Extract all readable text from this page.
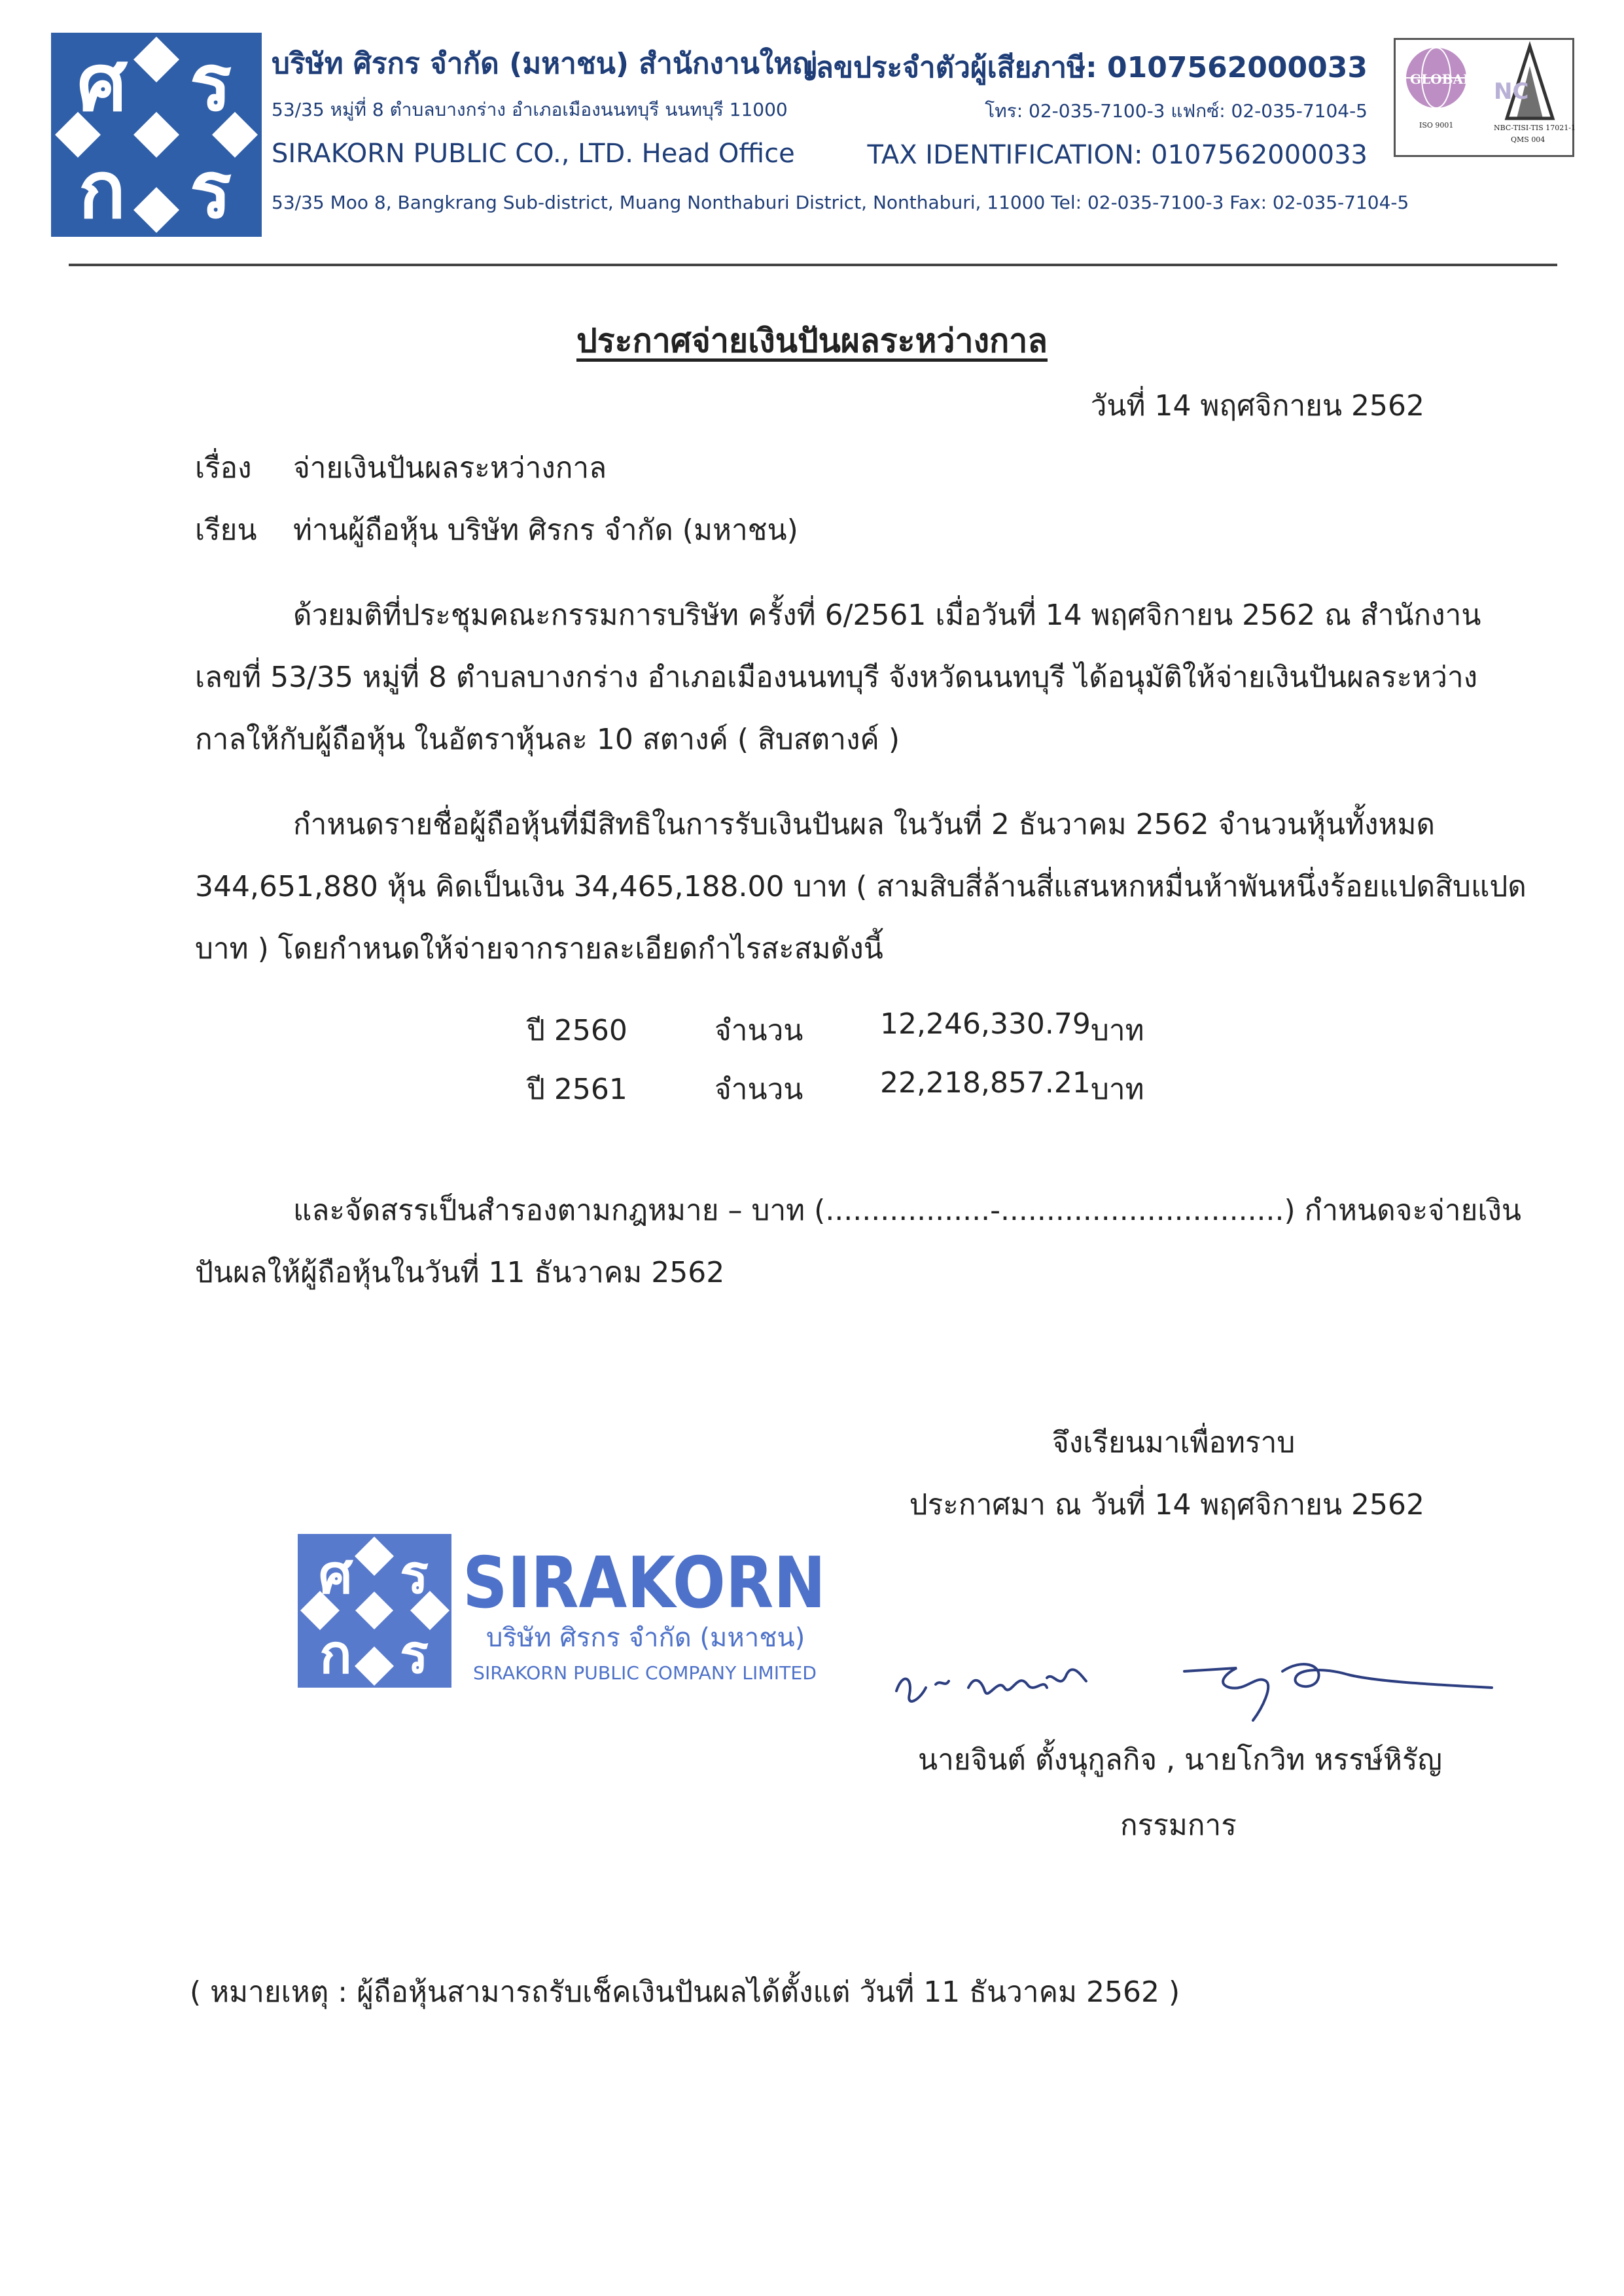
ศ ร
ก ร
บริษัท ศิรกร จำกัด (มหาชน) สำนักงานใหญ่
53/35 หมู่ที่ 8 ตำบลบางกร่าง อำเภอเมืองนนทบุรี นนทบุรี 11000
SIRAKORN PUBLIC CO., LTD. Head Office
53/35 Moo 8, Bangkrang Sub-district, Muang Nonthaburi District, Nonthaburi, 11000 Tel: 02-035-7100-3 Fax: 02-035-7104-5
เลขประจำตัวผู้เสียภาษี: 0107562000033
โทร: 02-035-7100-3 แฟกซ์: 02-035-7104-5
TAX IDENTIFICATION: 0107562000033
NC
GLOBAL
ISO 9001	NBC-TISI-TIS 17021-1
QMS 004
ประกาศจ่ายเงินปันผลระหว่างกาล
วันที่ 14 พฤศจิกายน 2562
เรื่อง จ่ายเงินปันผลระหว่างกาล
เรียน ท่านผู้ถือหุ้น บริษัท ศิรกร จำกัด (มหาชน)
ด้วยมติที่ประชุมคณะกรรมการบริษัท ครั้งที่ 6/2561 เมื่อวันที่ 14 พฤศจิกายน 2562 ณ สำนักงาน
เลขที่ 53/35 หมู่ที่ 8 ตำบลบางกร่าง อำเภอเมืองนนทบุรี จังหวัดนนทบุรี ได้อนุมัติให้จ่ายเงินปันผลระหว่าง
กาลให้กับผู้ถือหุ้น ในอัตราหุ้นละ 10 สตางค์ ( สิบสตางค์ )
กำหนดรายชื่อผู้ถือหุ้นที่มีสิทธิในการรับเงินปันผล ในวันที่ 2 ธันวาคม 2562 จำนวนหุ้นทั้งหมด
344,651,880 หุ้น คิดเป็นเงิน 34,465,188.00 บาท ( สามสิบสี่ล้านสี่แสนหกหมื่นห้าพันหนึ่งร้อยแปดสิบแปด
บาท ) โดยกำหนดให้จ่ายจากรายละเอียดกำไรสะสมดังนี้
ปี 2560	จำนวน	12,246,330.79 บาท
ปี 2561	จำนวน	22,218,857.21 บาท
และจัดสรรเป็นสำรองตามกฎหมาย – บาท (..................-...............................) กำหนดจะจ่ายเงิน
ปันผลให้ผู้ถือหุ้นในวันที่ 11 ธันวาคม 2562
จึงเรียนมาเพื่อทราบ
ประกาศมา ณ วันที่ 14 พฤศจิกายน 2562
ศ ร
ก ร
SIRAKORN
บริษัท ศิรกร จำกัด (มหาชน)
SIRAKORN PUBLIC COMPANY LIMITED
นายจินต์ ตั้งนุกูลกิจ , นายโกวิท หรรษ์หิรัญ
กรรมการ
( หมายเหตุ : ผู้ถือหุ้นสามารถรับเช็คเงินปันผลได้ตั้งแต่ วันที่ 11 ธันวาคม 2562 )
